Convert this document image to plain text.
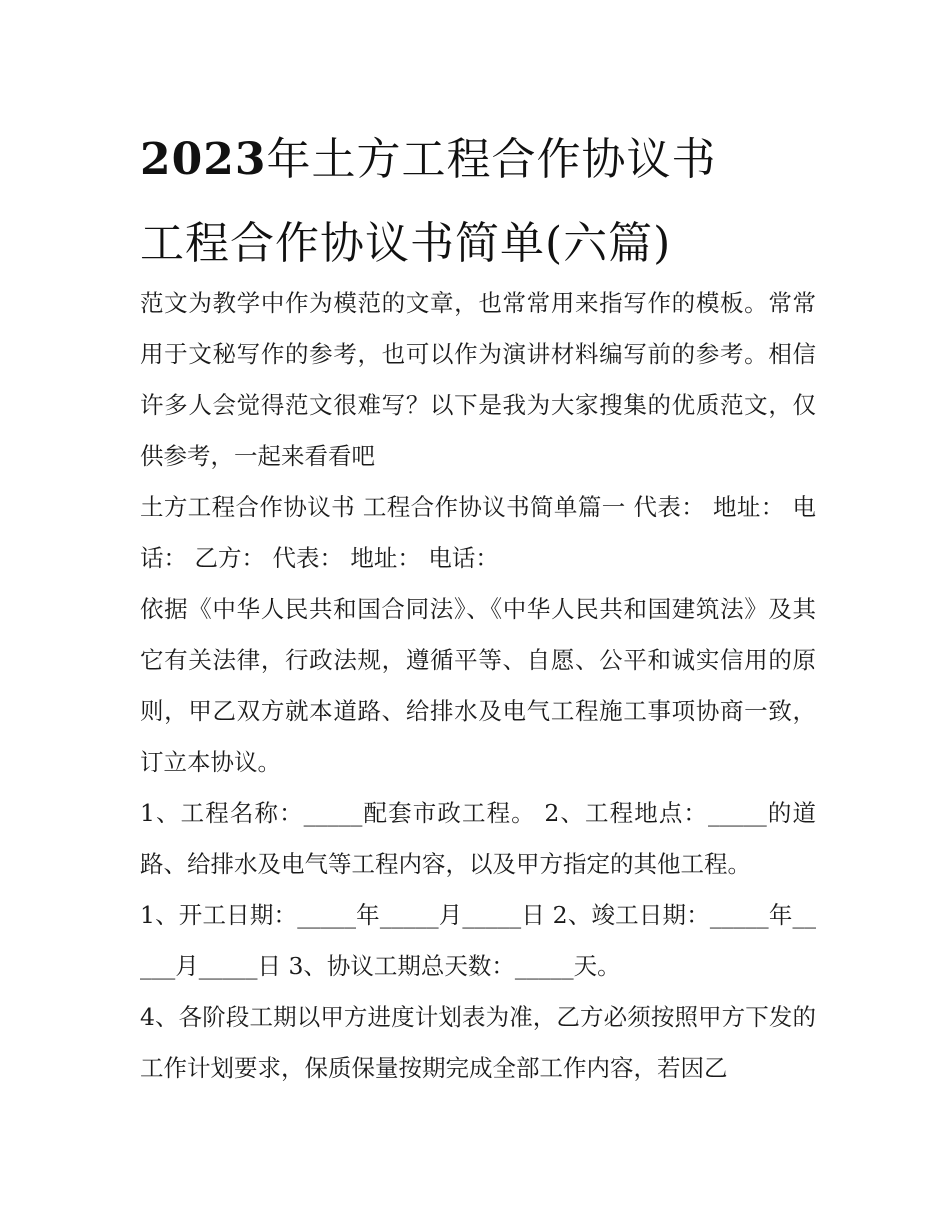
2023年土方工程合作协议书
工程合作协议书简单(六篇)

范文为教学中作为模范的文章，也常常用来指写作的模板。常常用于文秘写作的参考，也可以作为演讲材料编写前的参考。相信许多人会觉得范文很难写？以下是我为大家搜集的优质范文，仅供参考，一起来看看吧

土方工程合作协议书 工程合作协议书简单篇一 代表： 地址： 电话： 乙方： 代表： 地址： 电话：

依据《中华人民共和国合同法》、《中华人民共和国建筑法》及其它有关法律，行政法规，遵循平等、自愿、公平和诚实信用的原则，甲乙双方就本道路、给排水及电气工程施工事项协商一致，订立本协议。

1、工程名称：_____配套市政工程。 2、工程地点：_____的道路、给排水及电气等工程内容，以及甲方指定的其他工程。

1、开工日期：_____年_____月_____日 2、竣工日期：_____年_____月_____日 3、协议工期总天数：_____天。

4、各阶段工期以甲方进度计划表为准，乙方必须按照甲方下发的工作计划要求，保质保量按期完成全部工作内容，若因乙
